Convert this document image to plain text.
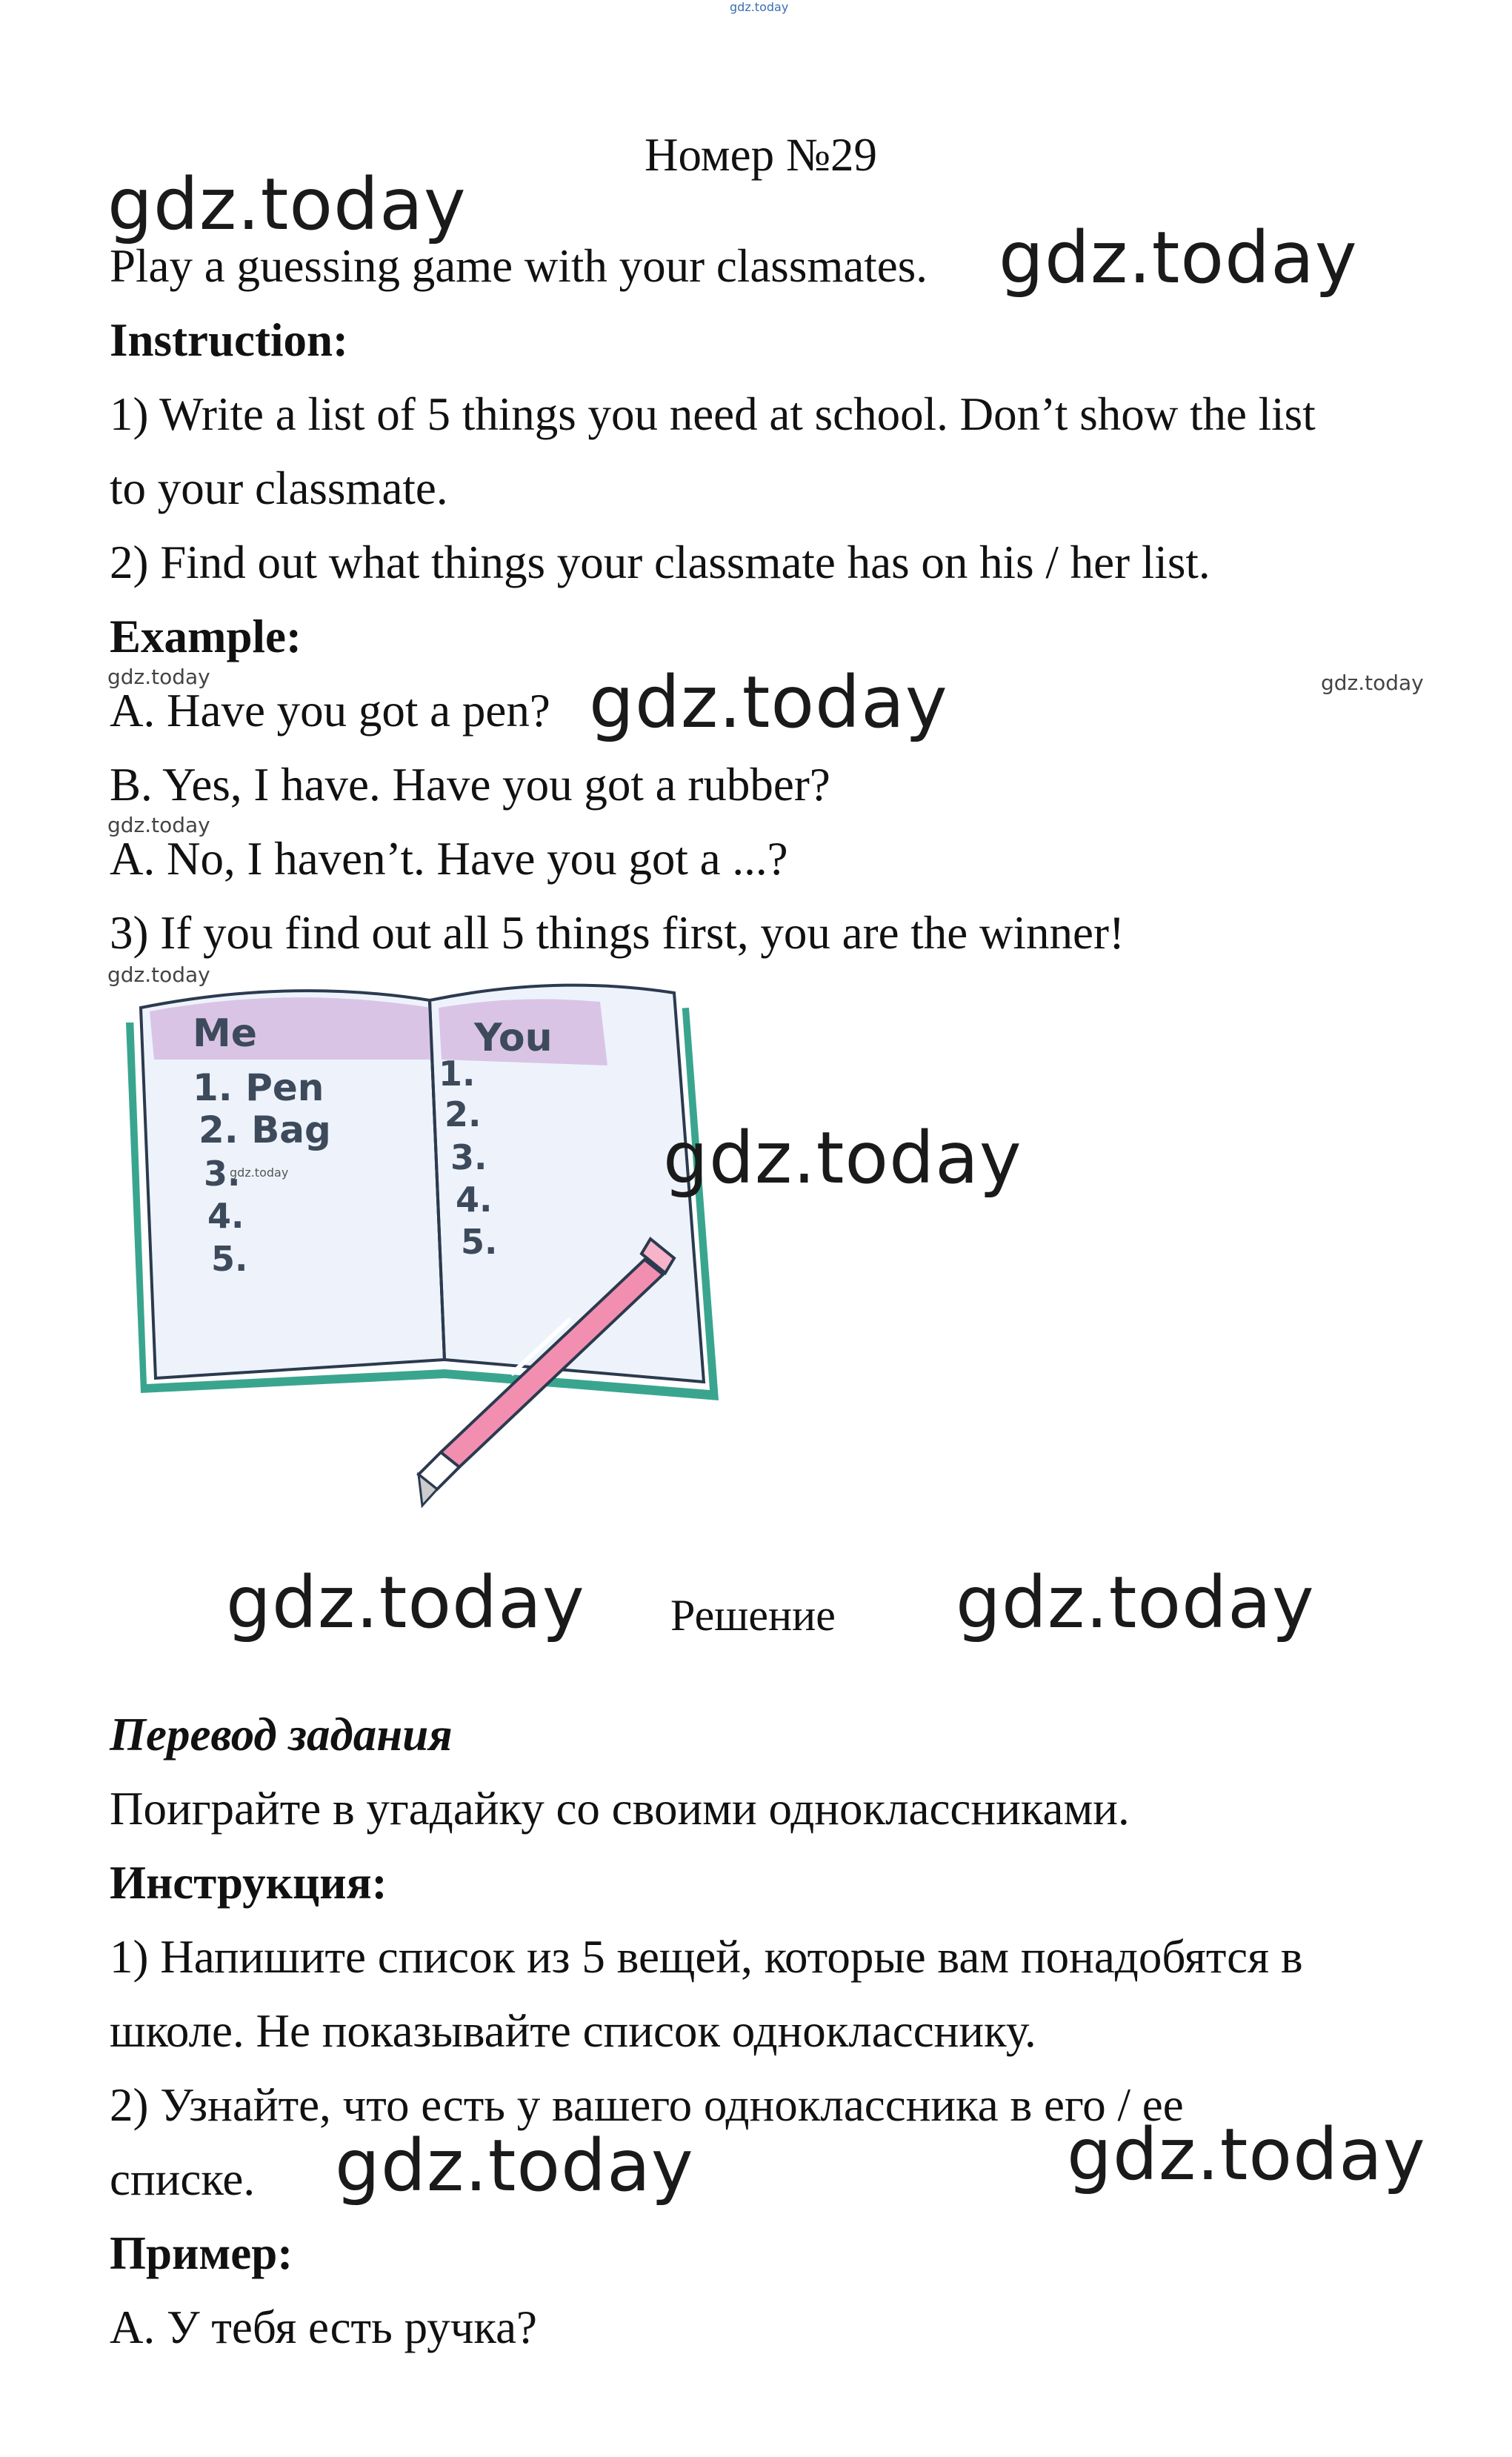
gdz.today
Номер №29
gdz.today
Play a guessing game with your classmates. gdz.today
Instruction:
1) Write a list of 5 things you need at school. Don’t show the list
to your classmate.
2) Find out what things your classmate has on his / her list.
Example:
gdz.today	gdz.today
A. Have you got a pen? gdz.today
B. Yes, I have. Have you got a rubber?
gdz.today
A. No, I haven’t. Have you got a ...?
3) If you find out all 5 things first, you are the winner!
gdz.today
Me	You
1. Pen
2. Bag
3.
4.
5.
1.
2.
3.
4.
5.
gdz.today	gdz.today
gdz.today Решение gdz.today
Перевод задания
Поиграйте в угадайку со своими одноклассниками.
Инструкция:
1) Напишите список из 5 вещей, которые вам понадобятся в
школе. Не показывайте список однокласснику.
2) Узнайте, что есть у вашего одноклассника в его / ее
списке. gdz.today	gdz.today
Пример:
А. У тебя есть ручка?
